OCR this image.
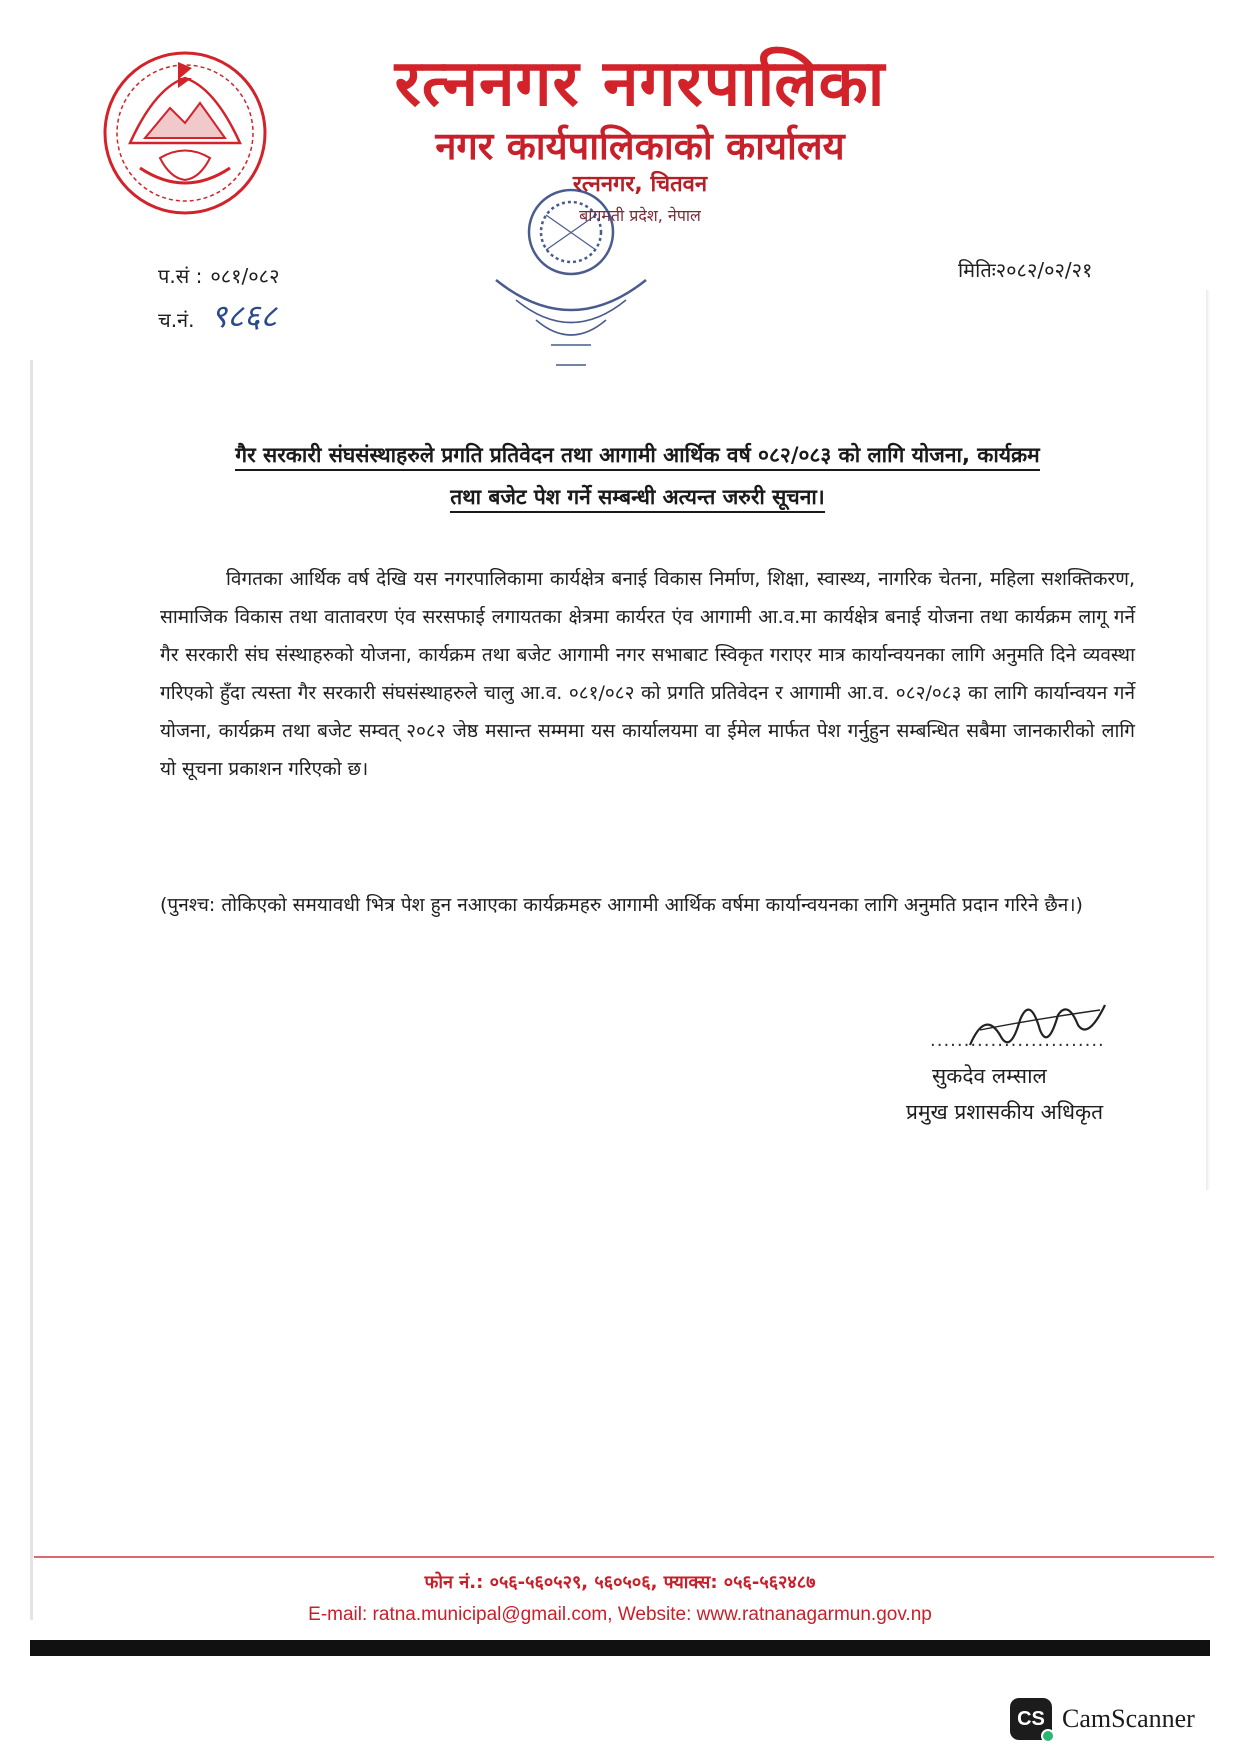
रत्ननगर नगरपालिका
नगर कार्यपालिकाको कार्यालय
रत्ननगर, चितवन
बागमती प्रदेश, नेपाल
प.सं : ०८१/०८२
च.नं. ९८६८
मितिः२०८२/०२/२१
गैर सरकारी संघसंस्थाहरुले प्रगति प्रतिवेदन तथा आगामी आर्थिक वर्ष ०८२/०८३ को लागि योजना, कार्यक्रम
तथा बजेट पेश गर्ने सम्बन्धी अत्यन्त जरुरी सूचना।
विगतका आर्थिक वर्ष देखि यस नगरपालिकामा कार्यक्षेत्र बनाई विकास निर्माण, शिक्षा, स्वास्थ्य, नागरिक चेतना, महिला सशक्तिकरण, सामाजिक विकास तथा वातावरण एंव सरसफाई लगायतका क्षेत्रमा कार्यरत एंव आगामी आ.व.मा कार्यक्षेत्र बनाई योजना तथा कार्यक्रम लागू गर्ने गैर सरकारी संघ संस्थाहरुको योजना, कार्यक्रम तथा बजेट आगामी नगर सभाबाट स्विकृत गराएर मात्र कार्यान्वयनका लागि अनुमति दिने व्यवस्था गरिएको हुँदा त्यस्ता गैर सरकारी संघसंस्थाहरुले चालु आ.व. ०८१/०८२ को प्रगति प्रतिवेदन र आगामी आ.व. ०८२/०८३ का लागि कार्यान्वयन गर्ने योजना, कार्यक्रम तथा बजेट सम्वत् २०८२ जेष्ठ मसान्त सम्ममा यस कार्यालयमा वा ईमेल मार्फत पेश गर्नुहुन सम्बन्धित सबैमा जानकारीको लागि यो सूचना प्रकाशन गरिएको छ।
(पुनश्च: तोकिएको समयावधी भित्र पेश हुन नआएका कार्यक्रमहरु आगामी आर्थिक वर्षमा कार्यान्वयनका लागि अनुमति प्रदान गरिने छैन।)
..........................
सुकदेव लम्साल
प्रमुख प्रशासकीय अधिकृत
फोन नं.: ०५६-५६०५२९, ५६०५०६, फ्याक्स: ०५६-५६२४८७
E-mail: ratna.municipal@gmail.com, Website: www.ratnanagarmun.gov.np
CS CamScanner
